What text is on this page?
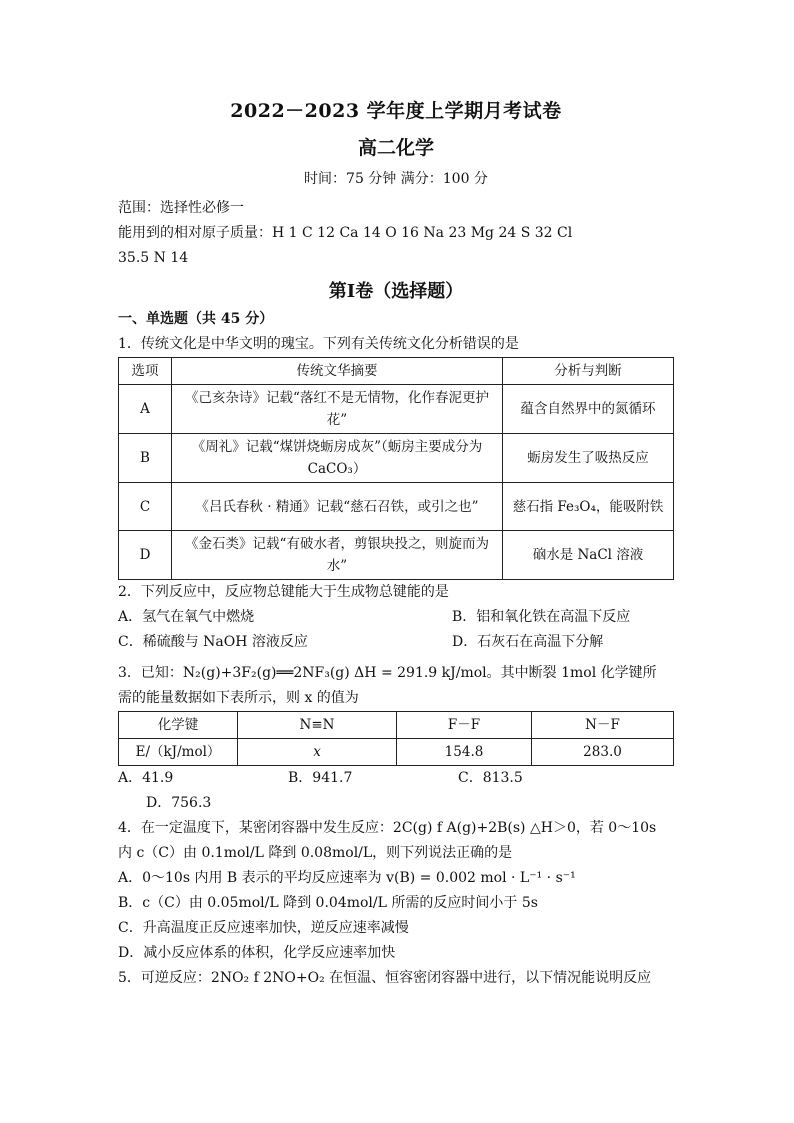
2022－2023 学年度上学期月考试卷
高二化学
时间：75 分钟 满分：100 分
范围：选择性必修一
能用到的相对原子质量：H 1 C 12 Ca 14 O 16 Na 23 Mg 24 S 32 Cl
35.5 N 14
第Ⅰ卷（选择题）
一、单选题（共 45 分）
1．传统文化是中华文明的瑰宝。下列有关传统文化分析错误的是
选项	传统文华摘要	分析与判断
A	《己亥杂诗》记载“落红不是无情物，化作春泥更护花”	蕴含自然界中的氮循环
B	《周礼》记载“煤饼烧蛎房成灰”（蛎房主要成分为 CaCO₃）	蛎房发生了吸热反应
C	《吕氏春秋 · 精通》记载“慈石召铁，或引之也”	慈石指 Fe₃O₄，能吸附铁
D	《金石类》记载“有破水者，剪银块投之，则旋而为水”	硇水是 NaCl 溶液
2．下列反应中，反应物总键能大于生成物总键能的是
A．氢气在氧气中燃烧	B．铝和氧化铁在高温下反应
C．稀硫酸与 NaOH 溶液反应	D．石灰石在高温下分解
3．已知：N₂(g)+3F₂(g)══2NF₃(g) ΔH = 291.9 kJ/mol。其中断裂 1mol 化学键所
需的能量数据如下表所示，则 x 的值为
化学键	N≡N	F－F	N－F
E/（kJ/mol）	x	154.8	283.0
A．41.9	B．941.7	C．813.5
D．756.3
4．在一定温度下，某密闭容器中发生反应：2C(g) f A(g)+2B(s) △H＞0，若 0～10s
内 c（C）由 0.1mol/L 降到 0.08mol/L，则下列说法正确的是
A．0～10s 内用 B 表示的平均反应速率为 v(B) = 0.002 mol · L⁻¹ · s⁻¹
B．c（C）由 0.05mol/L 降到 0.04mol/L 所需的反应时间小于 5s
C．升高温度正反应速率加快，逆反应速率减慢
D．减小反应体系的体积，化学反应速率加快
5．可逆反应：2NO₂ f 2NO+O₂ 在恒温、恒容密闭容器中进行，以下情况能说明反应
